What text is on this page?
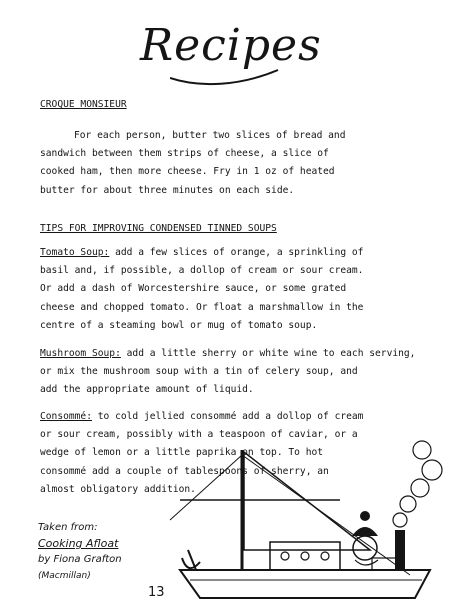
Recipes
CROQUE MONSIEUR
For each person, butter two slices of bread and
sandwich between them strips of cheese, a slice of
cooked ham, then more cheese. Fry in 1 oz of heated
butter for about three minutes on each side.
TIPS FOR IMPROVING CONDENSED TINNED SOUPS
Tomato Soup: add a few slices of orange, a sprinkling of
basil and, if possible, a dollop of cream or sour cream.
Or add a dash of Worcestershire sauce, or some grated
cheese and chopped tomato. Or float a marshmallow in the
centre of a steaming bowl or mug of tomato soup.
Mushroom Soup: add a little sherry or white wine to each serving,
or mix the mushroom soup with a tin of celery soup, and
add the appropriate amount of liquid.
Consommé: to cold jellied consommé add a dollop of cream
or sour cream, possibly with a teaspoon of caviar, or a
wedge of lemon or a little paprika on top. To hot
consommé add a couple of tablespoons of sherry, an
almost obligatory addition.
Taken from:
Cooking Afloat
by Fiona Grafton
(Macmillan)
13
